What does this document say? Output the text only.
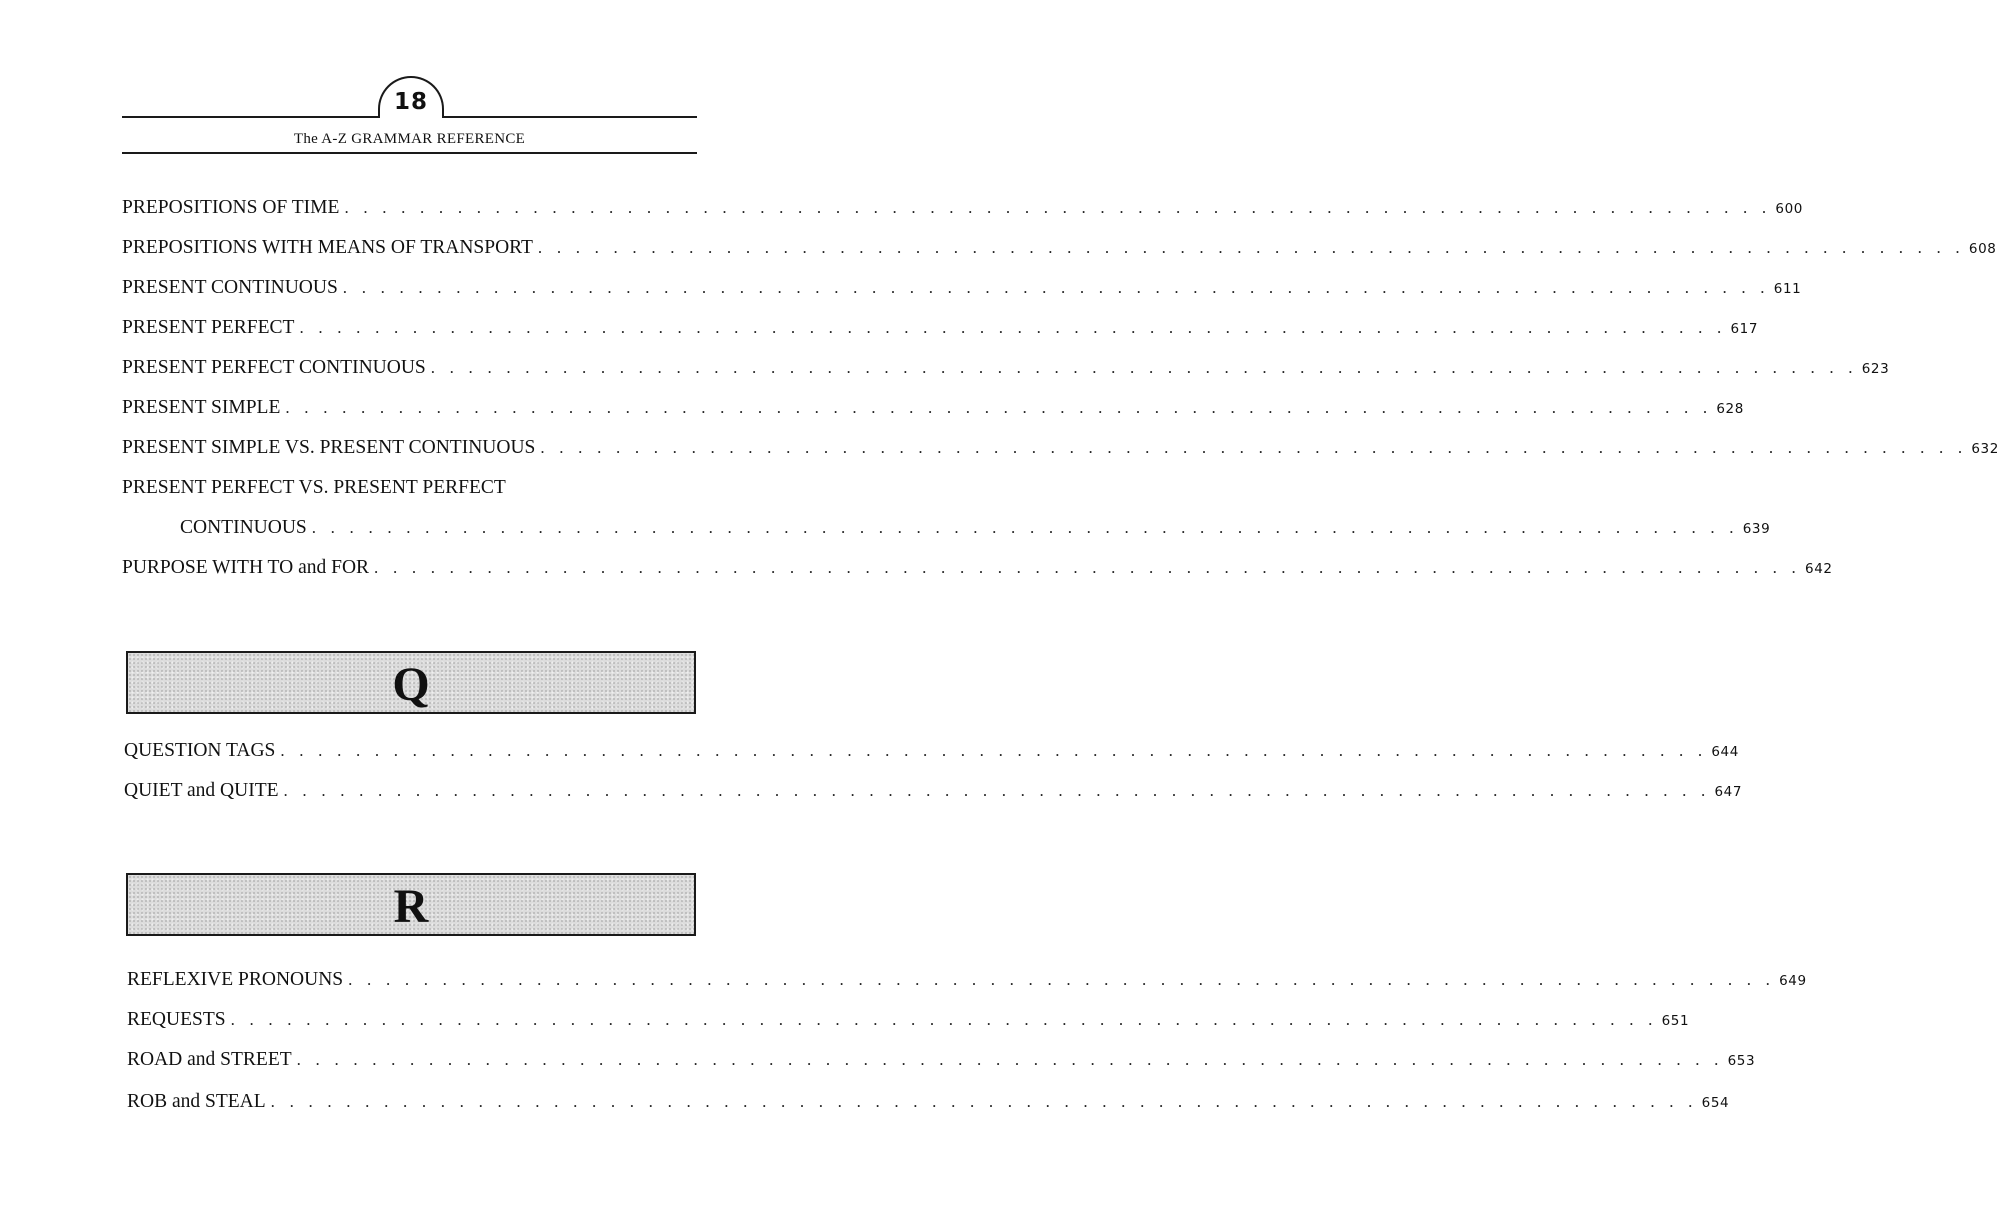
18
The A-Z GRAMMAR REFERENCE
PREPOSITIONS OF TIME . . . . . . . . . . . . . . . . . . . . . . . . . . . . . . . . . . . . . . . . . . . . . . . . . . . . . . . . . . . . . . . . . . . . . . . . . . . . 600
PREPOSITIONS WITH MEANS OF TRANSPORT . . . . . . . . . . . . . . . . . . . . . . . . . . . . . . . . . . . . . . . . . . . . . . . . . . . . . . . . . . . . . . . . . . . . . . . . . . . . 608
PRESENT CONTINUOUS . . . . . . . . . . . . . . . . . . . . . . . . . . . . . . . . . . . . . . . . . . . . . . . . . . . . . . . . . . . . . . . . . . . . . . . . . . . . 611
PRESENT PERFECT . . . . . . . . . . . . . . . . . . . . . . . . . . . . . . . . . . . . . . . . . . . . . . . . . . . . . . . . . . . . . . . . . . . . . . . . . . . . 617
PRESENT PERFECT CONTINUOUS . . . . . . . . . . . . . . . . . . . . . . . . . . . . . . . . . . . . . . . . . . . . . . . . . . . . . . . . . . . . . . . . . . . . . . . . . . . . 623
PRESENT SIMPLE . . . . . . . . . . . . . . . . . . . . . . . . . . . . . . . . . . . . . . . . . . . . . . . . . . . . . . . . . . . . . . . . . . . . . . . . . . . . 628
PRESENT SIMPLE VS. PRESENT CONTINUOUS . . . . . . . . . . . . . . . . . . . . . . . . . . . . . . . . . . . . . . . . . . . . . . . . . . . . . . . . . . . . . . . . . . . . . . . . . . . . 632
PRESENT PERFECT VS. PRESENT PERFECT
CONTINUOUS . . . . . . . . . . . . . . . . . . . . . . . . . . . . . . . . . . . . . . . . . . . . . . . . . . . . . . . . . . . . . . . . . . . . . . . . . . . . 639
PURPOSE WITH TO and FOR . . . . . . . . . . . . . . . . . . . . . . . . . . . . . . . . . . . . . . . . . . . . . . . . . . . . . . . . . . . . . . . . . . . . . . . . . . . . 642
Q
QUESTION TAGS . . . . . . . . . . . . . . . . . . . . . . . . . . . . . . . . . . . . . . . . . . . . . . . . . . . . . . . . . . . . . . . . . . . . . . . . . . . . 644
QUIET and QUITE . . . . . . . . . . . . . . . . . . . . . . . . . . . . . . . . . . . . . . . . . . . . . . . . . . . . . . . . . . . . . . . . . . . . . . . . . . . . 647
R
REFLEXIVE PRONOUNS . . . . . . . . . . . . . . . . . . . . . . . . . . . . . . . . . . . . . . . . . . . . . . . . . . . . . . . . . . . . . . . . . . . . . . . . . . . . 649
REQUESTS . . . . . . . . . . . . . . . . . . . . . . . . . . . . . . . . . . . . . . . . . . . . . . . . . . . . . . . . . . . . . . . . . . . . . . . . . . . . 651
ROAD and STREET . . . . . . . . . . . . . . . . . . . . . . . . . . . . . . . . . . . . . . . . . . . . . . . . . . . . . . . . . . . . . . . . . . . . . . . . . . . . 653
ROB and STEAL . . . . . . . . . . . . . . . . . . . . . . . . . . . . . . . . . . . . . . . . . . . . . . . . . . . . . . . . . . . . . . . . . . . . . . . . . . . . 654
